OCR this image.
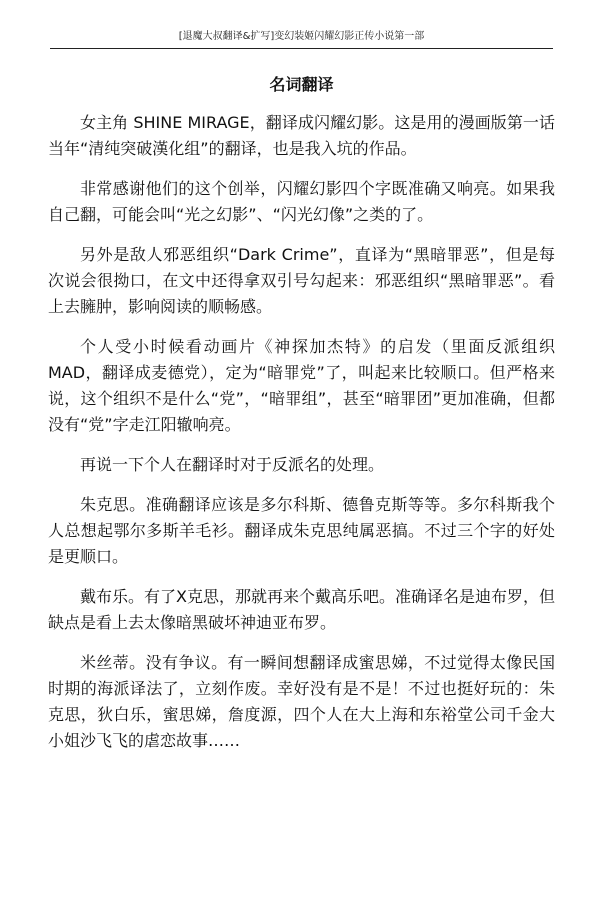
[退魔大叔翻译&扩写]变幻装姬闪耀幻影正传小说第一部
名词翻译

女主角 SHINE MIRAGE，翻译成闪耀幻影。这是用的漫画版第一话当年“清纯突破漢化组”的翻译，也是我入坑的作品。

非常感谢他们的这个创举，闪耀幻影四个字既准确又响亮。如果我自己翻，可能会叫“光之幻影”、“闪光幻像”之类的了。

另外是敌人邪恶组织“Dark Crime”，直译为“黑暗罪恶”，但是每次说会很拗口，在文中还得拿双引号勾起来：邪恶组织“黑暗罪恶”。看上去臃肿，影响阅读的顺畅感。

个人受小时候看动画片《神探加杰特》的启发（里面反派组织MAD，翻译成麦德党），定为“暗罪党”了，叫起来比较顺口。但严格来说，这个组织不是什么“党”，“暗罪组”，甚至“暗罪团”更加准确，但都没有“党”字走江阳辙响亮。

再说一下个人在翻译时对于反派名的处理。

朱克思。准确翻译应该是多尔科斯、德鲁克斯等等。多尔科斯我个人总想起鄂尔多斯羊毛衫。翻译成朱克思纯属恶搞。不过三个字的好处是更顺口。

戴布乐。有了X克思，那就再来个戴高乐吧。准确译名是迪布罗，但缺点是看上去太像暗黑破坏神迪亚布罗。

米丝蒂。没有争议。有一瞬间想翻译成蜜思娣，不过觉得太像民国时期的海派译法了，立刻作废。幸好没有是不是！不过也挺好玩的：朱克思，狄白乐，蜜思娣，詹度源，四个人在大上海和东裕堂公司千金大小姐沙飞飞的虐恋故事……
